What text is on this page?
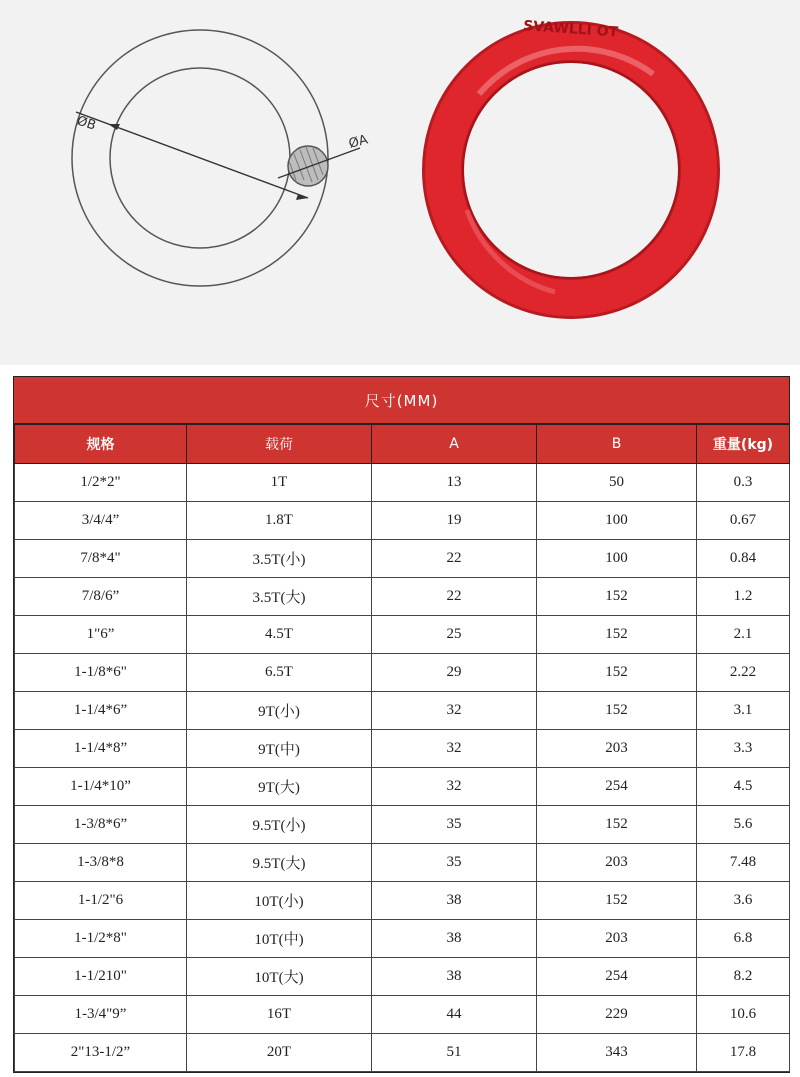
ØB
ØA
SVAWLLI OT
尺寸(MM)
规格	载荷	A	B	重量(kg)
1/2*2"	1T	13	50	0.3
3/4/4”	1.8T	19	100	0.67
7/8*4"	3.5T(小)	22	100	0.84
7/8/6”	3.5T(大)	22	152	1.2
1"6”	4.5T	25	152	2.1
1-1/8*6"	6.5T	29	152	2.22
1-1/4*6”	9T(小)	32	152	3.1
1-1/4*8”	9T(中)	32	203	3.3
1-1/4*10”	9T(大)	32	254	4.5
1-3/8*6”	9.5T(小)	35	152	5.6
1-3/8*8	9.5T(大)	35	203	7.48
1-1/2"6	10T(小)	38	152	3.6
1-1/2*8"	10T(中)	38	203	6.8
1-1/210"	10T(大)	38	254	8.2
1-3/4"9”	16T	44	229	10.6
2"13-1/2”	20T	51	343	17.8
